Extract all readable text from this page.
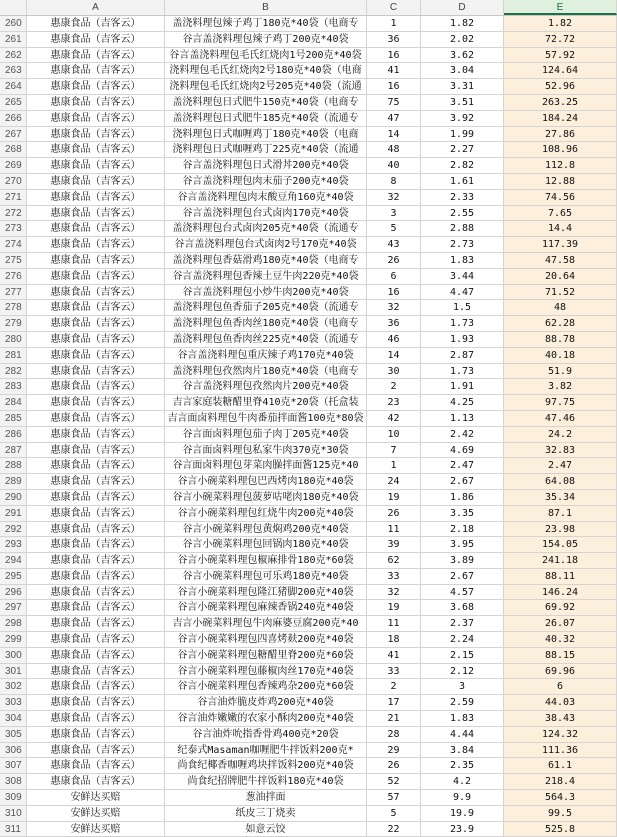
A	B	C	D	E
260	惠康食品（吉客云）	盖浇料理包辣子鸡丁180克*40袋（电商专	1	1.82	1.82
261	惠康食品（吉客云）	谷言盖浇料理包辣子鸡丁200克*40袋	36	2.02	72.72
262	惠康食品（吉客云）	谷言盖浇料理包毛氏红烧肉1号200克*40袋	16	3.62	57.92
263	惠康食品（吉客云）	浇料理包毛氏红烧肉2号180克*40袋（电商	41	3.04	124.64
264	惠康食品（吉客云）	浇料理包毛氏红烧肉2号205克*40袋（流通	16	3.31	52.96
265	惠康食品（吉客云）	盖浇料理包日式肥牛150克*40袋（电商专	75	3.51	263.25
266	惠康食品（吉客云）	盖浇料理包日式肥牛185克*40袋（流通专	47	3.92	184.24
267	惠康食品（吉客云）	浇料理包日式咖喱鸡丁180克*40袋（电商	14	1.99	27.86
268	惠康食品（吉客云）	浇料理包日式咖喱鸡丁225克*40袋（流通	48	2.27	108.96
269	惠康食品（吉客云）	谷言盖浇料理包日式滑丼200克*40袋	40	2.82	112.8
270	惠康食品（吉客云）	谷言盖浇料理包肉末茄子200克*40袋	8	1.61	12.88
271	惠康食品（吉客云）	谷言盖浇料理包肉末酸豆角160克*40袋	32	2.33	74.56
272	惠康食品（吉客云）	谷言盖浇料理包台式卤肉170克*40袋	3	2.55	7.65
273	惠康食品（吉客云）	盖浇料理包台式卤肉205克*40袋（流通专	5	2.88	14.4
274	惠康食品（吉客云）	谷言盖浇料理包台式卤肉2号170克*40袋	43	2.73	117.39
275	惠康食品（吉客云）	盖浇料理包香菇滑鸡180克*40袋（电商专	26	1.83	47.58
276	惠康食品（吉客云）	谷言盖浇料理包香辣土豆牛肉220克*40袋	6	3.44	20.64
277	惠康食品（吉客云）	谷言盖浇料理包小炒牛肉200克*40袋	16	4.47	71.52
278	惠康食品（吉客云）	盖浇料理包鱼香茄子205克*40袋（流通专	32	1.5	48
279	惠康食品（吉客云）	盖浇料理包鱼香肉丝180克*40袋（电商专	36	1.73	62.28
280	惠康食品（吉客云）	盖浇料理包鱼香肉丝225克*40袋（流通专	46	1.93	88.78
281	惠康食品（吉客云）	谷言盖浇料理包重庆辣子鸡170克*40袋	14	2.87	40.18
282	惠康食品（吉客云）	盖浇料理包孜然肉片180克*40袋（电商专	30	1.73	51.9
283	惠康食品（吉客云）	谷言盖浇料理包孜然肉片200克*40袋	2	1.91	3.82
284	惠康食品（吉客云）	吉言家庭装糖醋里脊410克*20袋（托盒装	23	4.25	97.75
285	惠康食品（吉客云）	吉言面卤料理包牛肉番茄拌面酱100克*80袋	42	1.13	47.46
286	惠康食品（吉客云）	谷言面卤料理包茄子肉丁205克*40袋	10	2.42	24.2
287	惠康食品（吉客云）	谷言面卤料理包私家牛肉370克*30袋	7	4.69	32.83
288	惠康食品（吉客云）	谷言面卤料理包芽菜肉臊拌面酱125克*40	1	2.47	2.47
289	惠康食品（吉客云）	谷言小碗菜料理包巴西烤肉180克*40袋	24	2.67	64.08
290	惠康食品（吉客云）	谷言小碗菜料理包菠萝咕咾肉180克*40袋	19	1.86	35.34
291	惠康食品（吉客云）	谷言小碗菜料理包红烧牛肉200克*40袋	26	3.35	87.1
292	惠康食品（吉客云）	谷言小碗菜料理包黄焖鸡200克*40袋	11	2.18	23.98
293	惠康食品（吉客云）	谷言小碗菜料理包回锅肉180克*40袋	39	3.95	154.05
294	惠康食品（吉客云）	谷言小碗菜料理包椒麻排骨180克*60袋	62	3.89	241.18
295	惠康食品（吉客云）	谷言小碗菜料理包可乐鸡180克*40袋	33	2.67	88.11
296	惠康食品（吉客云）	谷言小碗菜料理包隆江猪脚200克*40袋	32	4.57	146.24
297	惠康食品（吉客云）	谷言小碗菜料理包麻辣香锅240克*40袋	19	3.68	69.92
298	惠康食品（吉客云）	吉言小碗菜料理包牛肉麻婆豆腐200克*40	11	2.37	26.07
299	惠康食品（吉客云）	谷言小碗菜料理包四喜烤麸200克*40袋	18	2.24	40.32
300	惠康食品（吉客云）	谷言小碗菜料理包糖醋里脊200克*60袋	41	2.15	88.15
301	惠康食品（吉客云）	谷言小碗菜料理包藤椒肉丝170克*40袋	33	2.12	69.96
302	惠康食品（吉客云）	谷言小碗菜料理包香辣鸡杂200克*60袋	2	3	6
303	惠康食品（吉客云）	谷言油炸脆皮炸鸡200克*40袋	17	2.59	44.03
304	惠康食品（吉客云）	谷言油炸嫩嫩的农家小酥肉200克*40袋	21	1.83	38.43
305	惠康食品（吉客云）	谷言油炸吮指香骨鸡400克*20袋	28	4.44	124.32
306	惠康食品（吉客云）	纪泰式Masaman咖喱肥牛拌饭料200克*	29	3.84	111.36
307	惠康食品（吉客云）	尚食纪椰香咖喱鸡块拌饭料200克*40袋	26	2.35	61.1
308	惠康食品（吉客云）	尚食纪招牌肥牛拌饭料180克*40袋	52	4.2	218.4
309	安鲜达买赔	葱油拌面	57	9.9	564.3
310	安鲜达买赔	纸皮三丁烧卖	5	19.9	99.5
311	安鲜达买赔	如意云饺	22	23.9	525.8
